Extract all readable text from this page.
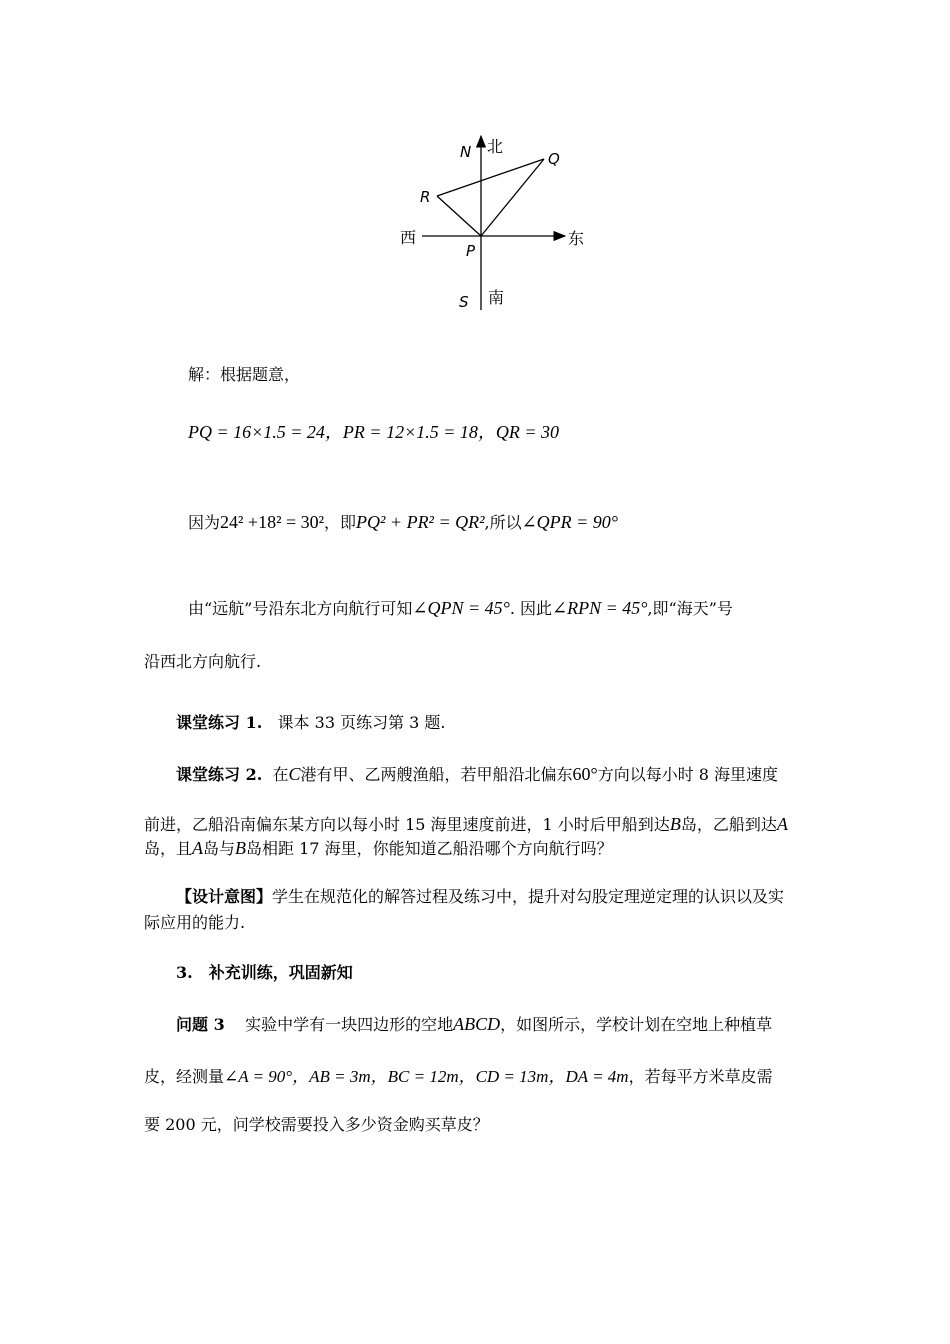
N 北
Q
R
西	东
P
S 南
解：根据题意，
PQ = 16×1.5 = 24，PR = 12×1.5 = 18，QR = 30
因为24² +18² = 30²，即PQ² + PR² = QR²,所以∠QPR = 90°
由“远航”号沿东北方向航行可知∠QPN = 45°. 因此∠RPN = 45°,即“海天”号
沿西北方向航行.
课堂练习 1. 课本 33 页练习第 3 题.
课堂练习 2. 在C港有甲、乙两艘渔船，若甲船沿北偏东60°方向以每小时 8 海里速度
前进，乙船沿南偏东某方向以每小时 15 海里速度前进，1 小时后甲船到达B岛，乙船到达A
岛，且A岛与B岛相距 17 海里，你能知道乙船沿哪个方向航行吗？
【设计意图】学生在规范化的解答过程及练习中，提升对勾股定理逆定理的认识以及实
际应用的能力.
3.　补充训练，巩固新知
问题 3 实验中学有一块四边形的空地ABCD，如图所示，学校计划在空地上种植草
皮，经测量∠A = 90°，AB = 3m，BC = 12m，CD = 13m，DA = 4m，若每平方米草皮需
要 200 元，问学校需要投入多少资金购买草皮？
